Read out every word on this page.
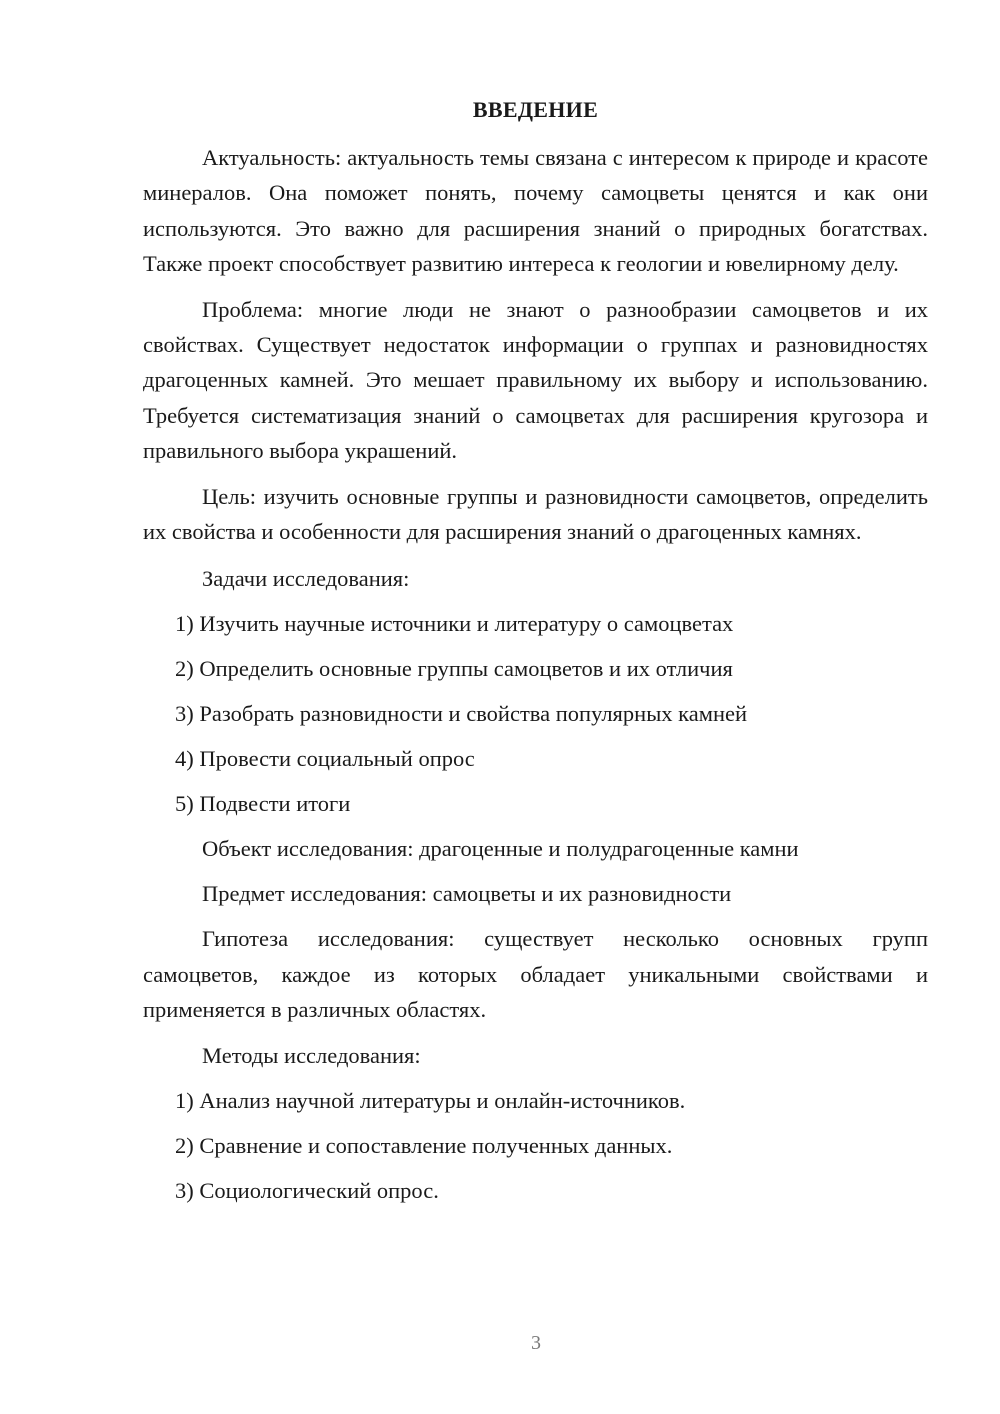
ВВЕДЕНИЕ

Актуальность: актуальность темы связана с интересом к природе и красоте минералов. Она поможет понять, почему самоцветы ценятся и как они используются. Это важно для расширения знаний о природных богатствах. Также проект способствует развитию интереса к геологии и ювелирному делу.

Проблема: многие люди не знают о разнообразии самоцветов и их свойствах. Существует недостаток информации о группах и разновидностях драгоценных камней. Это мешает правильному их выбору и использованию. Требуется систематизация знаний о самоцветах для расширения кругозора и правильного выбора украшений.

Цель: изучить основные группы и разновидности самоцветов, определить их свойства и особенности для расширения знаний о драгоценных камнях.

Задачи исследования:
1) Изучить научные источники и литературу о самоцветах
2) Определить основные группы самоцветов и их отличия
3) Разобрать разновидности и свойства популярных камней
4) Провести социальный опрос
5) Подвести итоги
Объект исследования: драгоценные и полудрагоценные камни
Предмет исследования: самоцветы и их разновидности

Гипотеза исследования: существует несколько основных групп самоцветов, каждое из которых обладает уникальными свойствами и применяется в различных областях.

Методы исследования:
1) Анализ научной литературы и онлайн-источников.
2) Сравнение и сопоставление полученных данных.
3) Социологический опрос.
3
